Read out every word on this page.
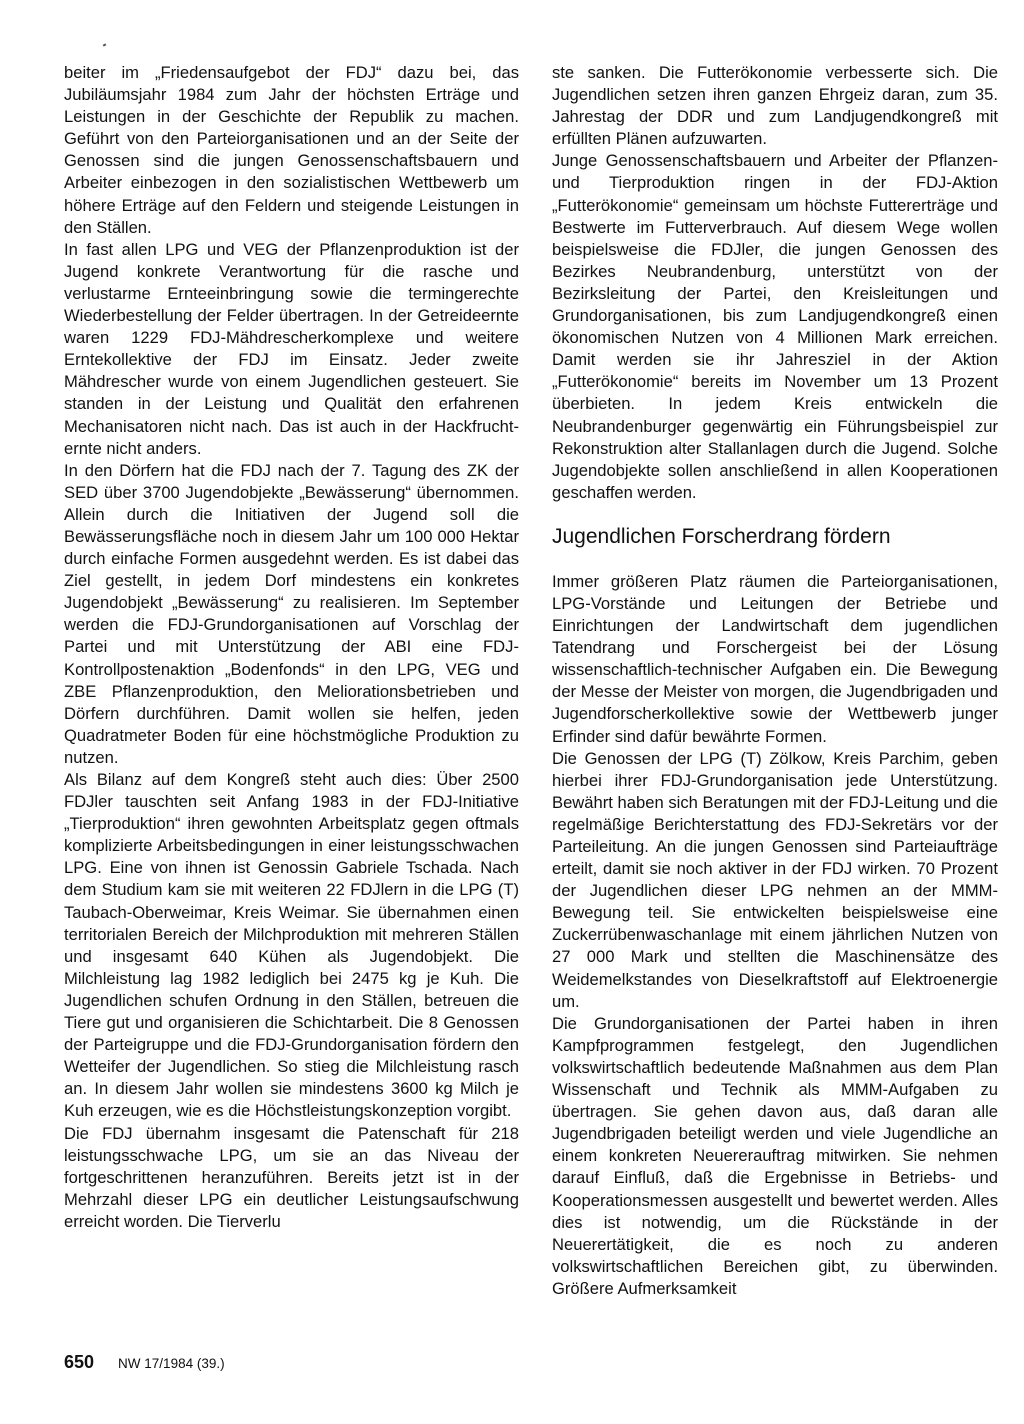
beiter im „Friedensaufgebot der FDJ“ dazu bei, das Jubiläumsjahr 1984 zum Jahr der höchsten Erträge und Leistungen in der Geschichte der Republik zu machen. Geführt von den Parteiorganisationen und an der Seite der Genossen sind die jungen Genossenschaftsbauern und Arbeiter einbezogen in den sozialistischen Wettbewerb um höhere Erträge auf den Feldern und steigende Leistungen in den Ställen.

In fast allen LPG und VEG der Pflanzenproduktion ist der Jugend konkrete Verantwortung für die rasche und verlustarme Ernteeinbringung sowie die termingerechte Wiederbestellung der Felder übertragen. In der Getreideernte waren 1229 FDJ-Mähdrescherkomplexe und weitere Erntekollektive der FDJ im Einsatz. Jeder zweite Mähdrescher wurde von einem Jugendlichen gesteuert. Sie standen in der Leistung und Qualität den erfahrenen Mechanisatoren nicht nach. Das ist auch in der Hackfruchternte nicht anders.

In den Dörfern hat die FDJ nach der 7. Tagung des ZK der SED über 3700 Jugendobjekte „Bewässerung“ übernommen. Allein durch die Initiativen der Jugend soll die Bewässerungsfläche noch in diesem Jahr um 100 000 Hektar durch einfache Formen ausgedehnt werden. Es ist dabei das Ziel gestellt, in jedem Dorf mindestens ein konkretes Jugendobjekt „Bewässerung“ zu realisieren. Im September werden die FDJ-Grundorganisationen auf Vorschlag der Partei und mit Unterstützung der ABI eine FDJ-Kontrollpostenaktion „Bodenfonds“ in den LPG, VEG und ZBE Pflanzenproduktion, den Meliorationsbetrieben und Dörfern durchführen. Damit wollen sie helfen, jeden Quadratmeter Boden für eine höchstmögliche Produktion zu nutzen.

Als Bilanz auf dem Kongreß steht auch dies: Über 2500 FDJler tauschten seit Anfang 1983 in der FDJ-Initiative „Tierproduktion“ ihren gewohnten Arbeitsplatz gegen oftmals komplizierte Arbeitsbedingungen in einer leistungsschwachen LPG. Eine von ihnen ist Genossin Gabriele Tschada. Nach dem Studium kam sie mit weiteren 22 FDJlern in die LPG (T) Taubach-Oberweimar, Kreis Weimar. Sie übernahmen einen territorialen Bereich der Milchproduktion mit mehreren Ställen und insgesamt 640 Kühen als Jugendobjekt. Die Milchleistung lag 1982 lediglich bei 2475 kg je Kuh. Die Jugendlichen schufen Ordnung in den Ställen, betreuen die Tiere gut und organisieren die Schichtarbeit. Die 8 Genossen der Parteigruppe und die FDJ-Grundorganisation fördern den Wetteifer der Jugendlichen. So stieg die Milchleistung rasch an. In diesem Jahr wollen sie mindestens 3600 kg Milch je Kuh erzeugen, wie es die Höchstleistungskonzeption vorgibt.

Die FDJ übernahm insgesamt die Patenschaft für 218 leistungsschwache LPG, um sie an das Niveau der fortgeschrittenen heranzuführen. Bereits jetzt ist in der Mehrzahl dieser LPG ein deutlicher Leistungsaufschwung erreicht worden. Die Tierverlu

ste sanken. Die Futterökonomie verbesserte sich. Die Jugendlichen setzen ihren ganzen Ehrgeiz daran, zum 35. Jahrestag der DDR und zum Landjugendkongreß mit erfüllten Plänen aufzuwarten.

Junge Genossenschaftsbauern und Arbeiter der Pflanzen- und Tierproduktion ringen in der FDJ-Aktion „Futterökonomie“ gemeinsam um höchste Futtererträge und Bestwerte im Futterverbrauch. Auf diesem Wege wollen beispielsweise die FDJler, die jungen Genossen des Bezirkes Neubrandenburg, unterstützt von der Bezirksleitung der Partei, den Kreisleitungen und Grundorganisationen, bis zum Landjugendkongreß einen ökonomischen Nutzen von 4 Millionen Mark erreichen. Damit werden sie ihr Jahresziel in der Aktion „Futterökonomie“ bereits im November um 13 Prozent überbieten. In jedem Kreis entwickeln die Neubrandenburger gegenwärtig ein Führungsbeispiel zur Rekonstruktion alter Stallanlagen durch die Jugend. Solche Jugendobjekte sollen anschließend in allen Kooperationen geschaffen werden.

Jugendlichen Forscherdrang fördern

Immer größeren Platz räumen die Parteiorganisationen, LPG-Vorstände und Leitungen der Betriebe und Einrichtungen der Landwirtschaft dem jugendlichen Tatendrang und Forschergeist bei der Lösung wissenschaftlich-technischer Aufgaben ein. Die Bewegung der Messe der Meister von morgen, die Jugendbrigaden und Jugendforscherkollektive sowie der Wettbewerb junger Erfinder sind dafür bewährte Formen.

Die Genossen der LPG (T) Zölkow, Kreis Parchim, geben hierbei ihrer FDJ-Grundorganisation jede Unterstützung. Bewährt haben sich Beratungen mit der FDJ-Leitung und die regelmäßige Berichterstattung des FDJ-Sekretärs vor der Parteileitung. An die jungen Genossen sind Parteiaufträge erteilt, damit sie noch aktiver in der FDJ wirken. 70 Prozent der Jugendlichen dieser LPG nehmen an der MMM-Bewegung teil. Sie entwickelten beispielsweise eine Zuckerrübenwaschanlage mit einem jährlichen Nutzen von 27 000 Mark und stellten die Maschinensätze des Weidemelkstandes von Dieselkraftstoff auf Elektroenergie um.

Die Grundorganisationen der Partei haben in ihren Kampfprogrammen festgelegt, den Jugendlichen volkswirtschaftlich bedeutende Maßnahmen aus dem Plan Wissenschaft und Technik als MMM-Aufgaben zu übertragen. Sie gehen davon aus, daß daran alle Jugendbrigaden beteiligt werden und viele Jugendliche an einem konkreten Neuererauftrag mitwirken. Sie nehmen darauf Einfluß, daß die Ergebnisse in Betriebs- und Kooperationsmessen ausgestellt und bewertet werden. Alles dies ist notwendig, um die Rückstände in der Neuerertätigkeit, die es noch zu anderen volkswirtschaftlichen Bereichen gibt, zu überwinden. Größere Aufmerksamkeit

650 NW 17/1984 (39.)
